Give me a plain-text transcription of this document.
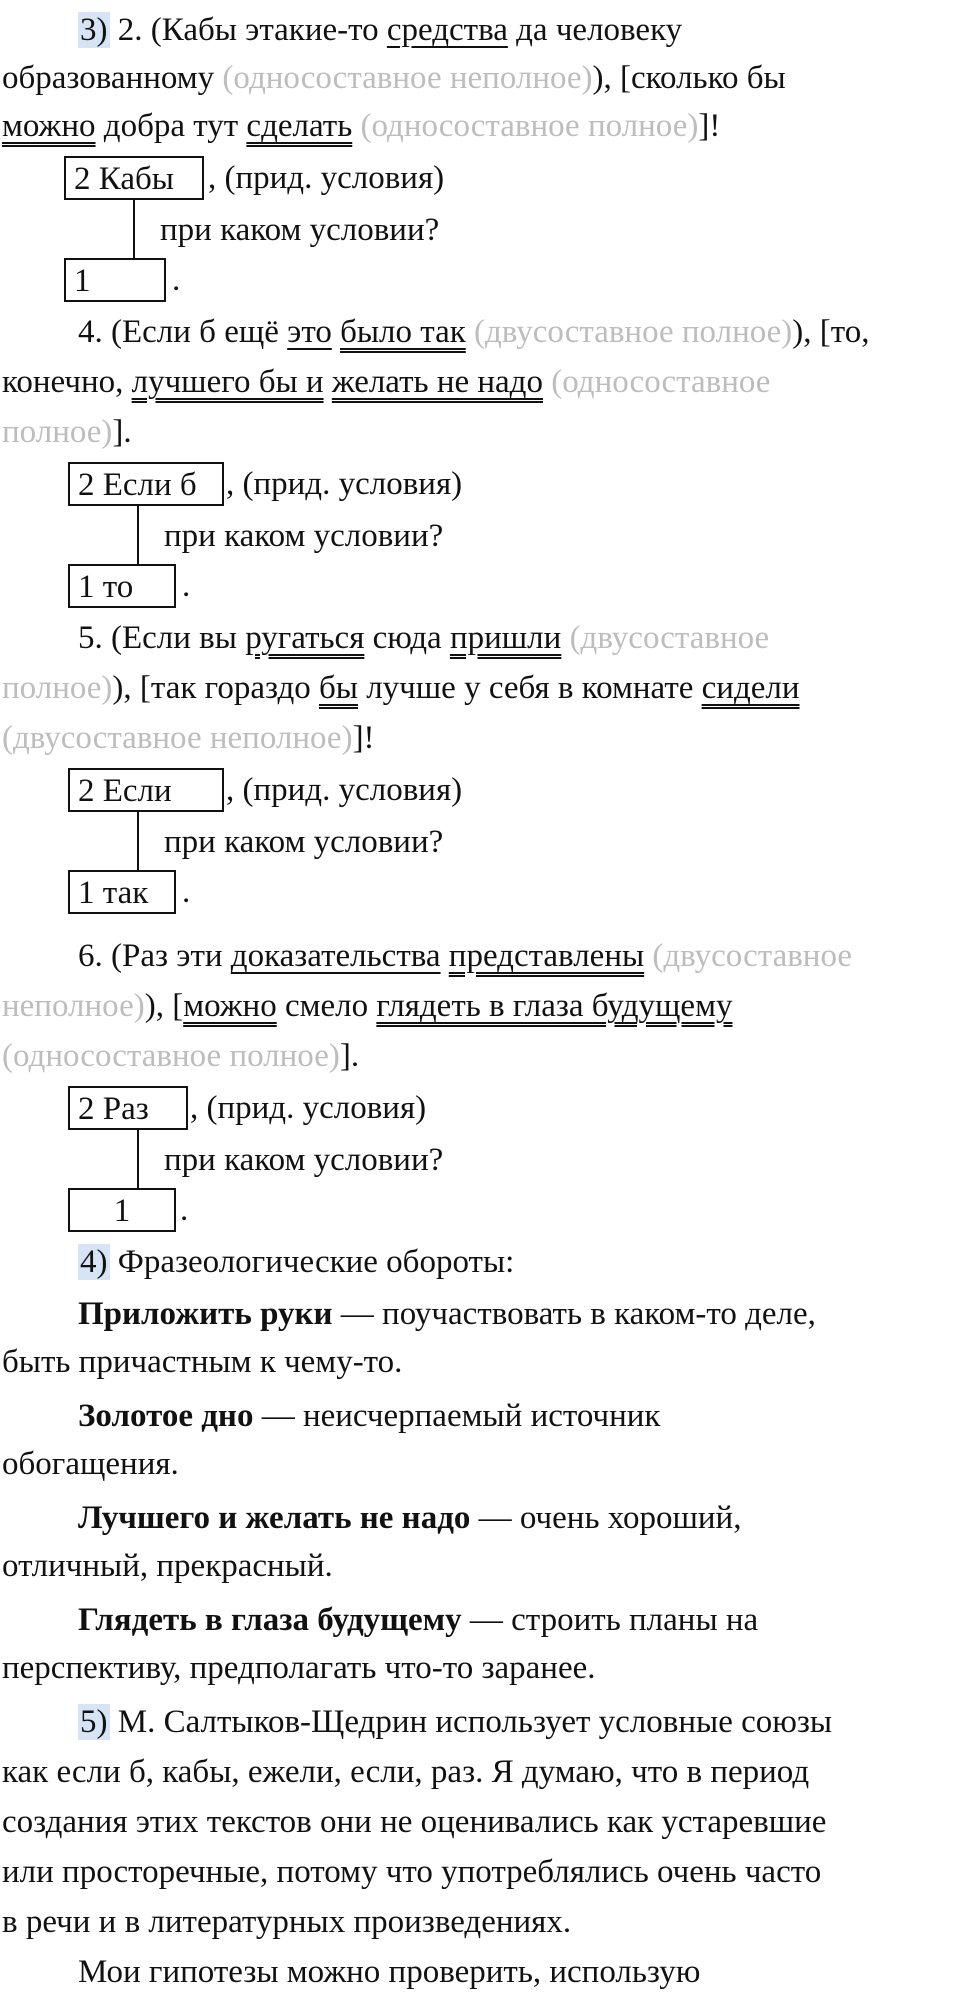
3) 2. (Кабы этакие-то средства да человеку
образованному (односоставное неполное)), [сколько бы
можно добра тут сделать (односоставное полное)]!
2 Кабы	, (прид. условия)
при каком условии?
1	.
4. (Если б ещё это было так (двусоставное полное)), [то,
конечно, лучшего бы и желать не надо (односоставное
полное)].
2 Если б , (прид. условия)
при каком условии?
1 то	.
5. (Если вы ругаться сюда пришли (двусоставное
полное)), [так гораздо бы лучше у себя в комнате сидели
(двусоставное неполное)]!
2 Если	, (прид. условия)
при каком условии?
1 так	.
6. (Раз эти доказательства представлены (двусоставное
неполное)), [можно смело глядеть в глаза будущему
(односоставное полное)].
2 Раз	, (прид. условия)
при каком условии?
1	.
4) Фразеологические обороты:
Приложить руки — поучаствовать в каком-то деле,
быть причастным к чему-то.
Золотое дно — неисчерпаемый источник
обогащения.
Лучшего и желать не надо — очень хороший,
отличный, прекрасный.
Глядеть в глаза будущему — строить планы на
перспективу, предполагать что-то заранее.
5) М. Салтыков-Щедрин использует условные союзы
как если б, кабы, ежели, если, раз. Я думаю, что в период
создания этих текстов они не оценивались как устаревшие
или просторечные, потому что употреблялись очень часто
в речи и в литературных произведениях.
Мои гипотезы можно проверить, использую
